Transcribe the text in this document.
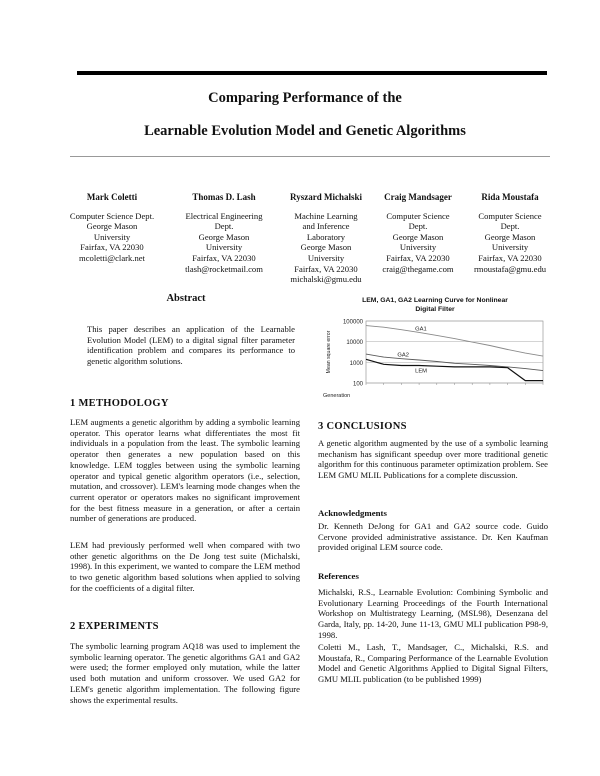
Comparing Performance of the
Learnable Evolution Model and Genetic Algorithms
Mark Coletti
Computer Science Dept.
George Mason
University
Fairfax, VA 22030
mcoletti@clark.net
Thomas D. Lash
Electrical Engineering
Dept.
George Mason
University
Fairfax, VA 22030
tlash@rocketmail.com
Ryszard Michalski
Machine Learning
and Inference
Laboratory
George Mason
University
Fairfax, VA 22030
michalski@gmu.edu
Craig Mandsager
Computer Science
Dept.
George Mason
University
Fairfax, VA 22030
craig@thegame.com
Rida Moustafa
Computer Science
Dept.
George Mason
University
Fairfax, VA 22030
rmoustafa@gmu.edu
Abstract
This paper describes an application of the Learnable Evolution Model (LEM) to a digital signal filter parameter identification problem and compares its performance to genetic algorithm solutions.
1 METHODOLOGY
LEM augments a genetic algorithm by adding a symbolic learning operator. This operator learns what differentiates the most fit individuals in a population from the least. The symbolic learning operator then generates a new population based on this knowledge. LEM toggles between using the symbolic learning operator and typical genetic algorithm operators (i.e., selection, mutation, and crossover). LEM's learning mode changes when the current operator or operators makes no significant improvement for the best fitness measure in a generation, or after a certain number of generations are produced.
LEM had previously performed well when compared with two other genetic algorithms on the De Jong test suite (Michalski, 1998). In this experiment, we wanted to compare the LEM method to two genetic algorithm based solutions when applied to solving for the coefficients of a digital filter.
2 EXPERIMENTS
The symbolic learning program AQ18 was used to implement the symbolic learning operator. The genetic algorithms GA1 and GA2 were used; the former employed only mutation, while the latter used both mutation and uniform crossover. We used GA2 for LEM's genetic algorithm implementation. The following figure shows the experimental results.
LEM, GA1, GA2 Learning Curve for Nonlinear Digital Filter
100000
10000
1000
100
Mean square error
Generation
GA1
GA2
LEM
3 CONCLUSIONS
A genetic algorithm augmented by the use of a symbolic learning mechanism has significant speedup over more traditional genetic algorithm for this continuous parameter optimization problem. See LEM GMU MLIL Publications for a complete discussion.
Acknowledgments
Dr. Kenneth DeJong for GA1 and GA2 source code. Guido Cervone provided administrative assistance. Dr. Ken Kaufman provided original LEM source code.
References
Michalski, R.S., Learnable Evolution: Combining Symbolic and Evolutionary Learning Proceedings of the Fourth International Workshop on Multistrategy Learning, (MSL98), Desenzana del Garda, Italy, pp. 14-20, June 11-13, GMU MLI publication P98-9, 1998.
Coletti M., Lash, T., Mandsager, C., Michalski, R.S. and Moustafa, R., Comparing Performance of the Learnable Evolution Model and Genetic Algorithms Applied to Digital Signal Filters, GMU MLIL publication (to be published 1999)
